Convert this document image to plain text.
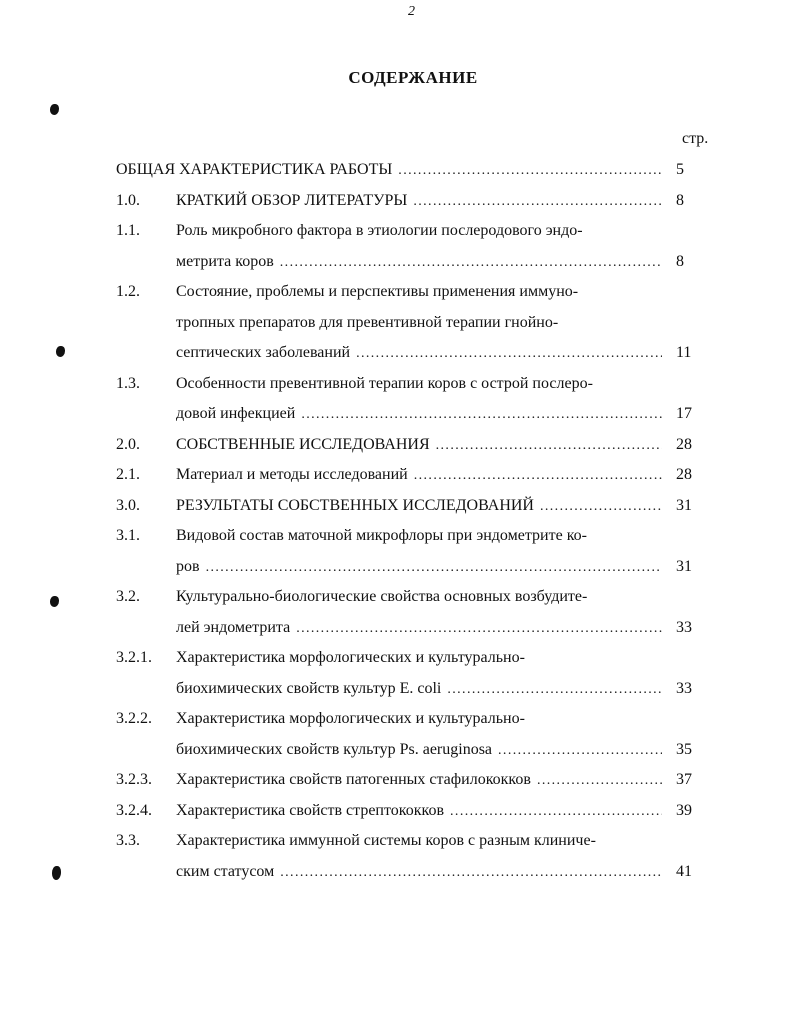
2
СОДЕРЖАНИЕ
стр.
ОБЩАЯ ХАРАКТЕРИСТИКА РАБОТЫ .....	5
1.0. КРАТКИЙ ОБЗОР ЛИТЕРАТУРЫ .....	8
1.1. Роль микробного фактора в этиологии послеродового эндо-
метрита коров .....	8
1.2. Состояние, проблемы и перспективы применения иммуно-
тропных препаратов для превентивной терапии гнойно-
септических заболеваний .....	11
1.3. Особенности превентивной терапии коров с острой послеро-
довой инфекцией .....	17
2.0. СОБСТВЕННЫЕ ИССЛЕДОВАНИЯ .....	28
2.1. Материал и методы исследований .....	28
3.0. РЕЗУЛЬТАТЫ СОБСТВЕННЫХ ИССЛЕДОВАНИЙ .....	31
3.1. Видовой состав маточной микрофлоры при эндометрите ко-
ров .....	31
3.2. Культурально-биологические свойства основных возбудите-
лей эндометрита .....	33
3.2.1. Характеристика морфологических и культурально-
биохимических свойств культур E. coli .....	33
3.2.2. Характеристика морфологических и культурально-
биохимических свойств культур Ps. aeruginosa .....	35
3.2.3. Характеристика свойств патогенных стафилококков .....	37
3.2.4. Характеристика свойств стрептококков .....	39
3.3. Характеристика иммунной системы коров с разным клиниче-
ским статусом .....	41
